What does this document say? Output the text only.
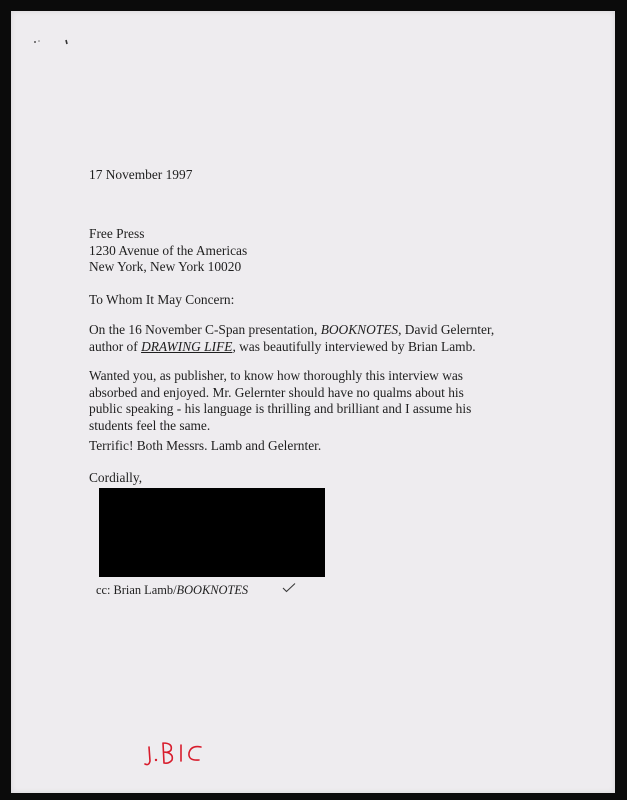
17 November 1997
Free Press
1230 Avenue of the Americas
New York, New York 10020
To Whom It May Concern:
On the 16 November C-Span presentation, BOOKNOTES, David Gelernter,
author of DRAWING LIFE, was beautifully interviewed by Brian Lamb.
Wanted you, as publisher, to know how thoroughly this interview was
absorbed and enjoyed. Mr. Gelernter should have no qualms about his
public speaking - his language is thrilling and brilliant and I assume his
students feel the same.
Terrific! Both Messrs. Lamb and Gelernter.
Cordially,
cc: Brian Lamb/BOOKNOTES
